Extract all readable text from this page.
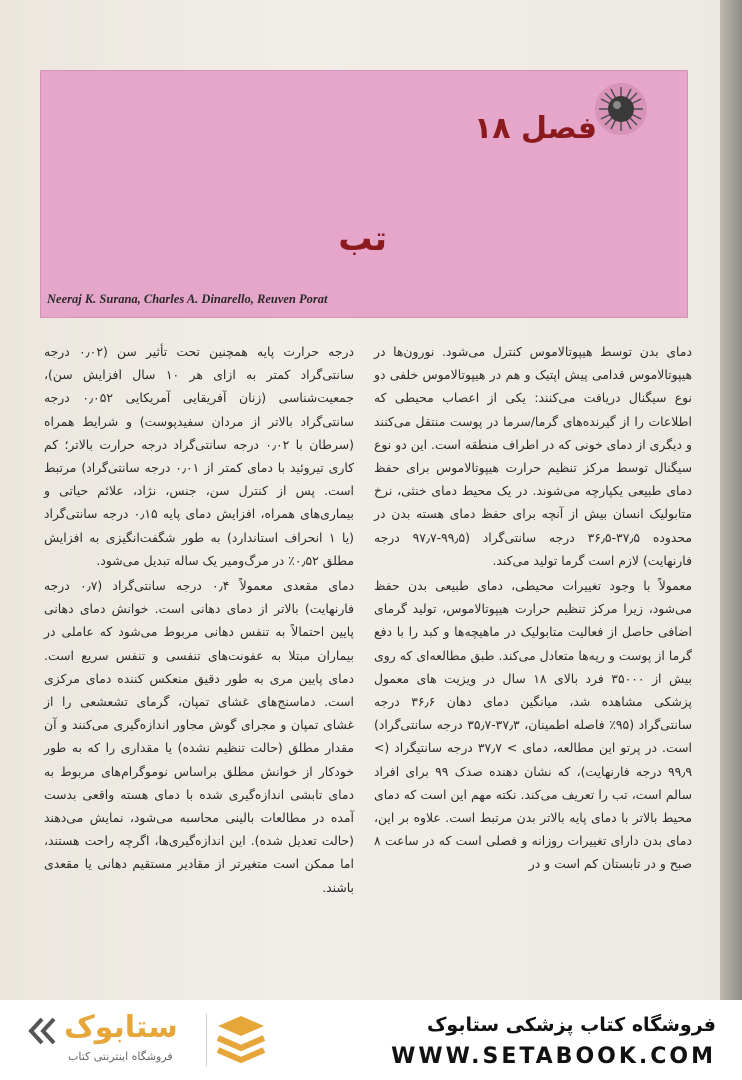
فصل ۱۸
تب
Neeraj K. Surana, Charles A. Dinarello, Reuven Porat

دمای بدن توسط هیپوتالاموس کنترل می‌شود. نورون‌ها در هیپوتالاموس قدامی پیش اپتیک و هم در هیپوتالاموس خلفی دو نوع سیگنال دریافت می‌کنند: یکی از اعصاب محیطی که اطلاعات را از گیرنده‌های گرما/سرما در پوست منتقل می‌کنند و دیگری از دمای خونی که در اطراف منطقه است. این دو نوع سیگنال توسط مرکز تنظیم حرارت هیپوتالاموس برای حفظ دمای طبیعی یکپارچه می‌شوند. در یک محیط دمای خنثی، نرخ متابولیک انسان بیش از آنچه برای حفظ دمای هسته بدن در محدوده ۳۷٫۵-۳۶٫۵ درجه سانتی‌گراد (۹۹٫۵-۹۷٫۷ درجه فارنهایت) لازم است گرما تولید می‌کند.

معمولاً با وجود تغییرات محیطی، دمای طبیعی بدن حفظ می‌شود، زیرا مرکز تنظیم حرارت هیپوتالاموس، تولید گرمای اضافی حاصل از فعالیت متابولیک در ماهیچه‌ها و کبد را با دفع گرما از پوست و ریه‌ها متعادل می‌کند. طبق مطالعه‌ای که روی بیش از ۳۵۰۰۰ فرد بالای ۱۸ سال در ویزیت های معمول پزشکی مشاهده شد، میانگین دمای دهان ۳۶٫۶ درجه سانتی‌گراد (۹۵٪ فاصله اطمینان، ۳۷٫۳-۳۵٫۷ درجه سانتی‌گراد) است. در پرتو این مطالعه، دمای > ۳۷٫۷ درجه سانتیگراد (> ۹۹٫۹ درجه فارنهایت)، که نشان دهنده صدک ۹۹ برای افراد سالم است، تب را تعریف می‌کند. نکته مهم این است که دمای محیط بالاتر با دمای پایه بالاتر بدن مرتبط است. علاوه بر این، دمای بدن دارای تغییرات روزانه و فصلی است که در ساعت ۸ صبح و در تابستان کم است و در

درجه حرارت پایه همچنین تحت تأثیر سن (۰٫۰۲ درجه سانتی‌گراد کمتر به ازای هر ۱۰ سال افزایش سن)، جمعیت‌شناسی (زنان آفریقایی آمریکایی ۰٫۰۵۲ درجه سانتی‌گراد بالاتر از مردان سفیدپوست) و شرایط همراه (سرطان با ۰٫۰۲ درجه سانتی‌گراد درجه حرارت بالاتر؛ کم کاری تیروئید با دمای کمتر از ۰٫۰۱ درجه سانتی‌گراد) مرتبط است. پس از کنترل سن، جنس، نژاد، علائم حیاتی و بیماری‌های همراه، افزایش دمای پایه ۰٫۱۵ درجه سانتی‌گراد (یا ۱ انحراف استاندارد) به طور شگفت‌انگیزی به افزایش مطلق ۰٫۵۲٪ در مرگ‌ومیر یک ساله تبدیل می‌شود.

دمای مقعدی معمولاً ۰٫۴ درجه سانتی‌گراد (۰٫۷ درجه فارنهایت) بالاتر از دمای دهانی است. خوانش دمای دهانی پایین احتمالاً به تنفس دهانی مربوط می‌شود که عاملی در بیماران مبتلا به عفونت‌های تنفسی و تنفس سریع است. دمای پایین مری به طور دقیق منعکس کننده دمای مرکزی است. دماسنج‌های غشای تمپان، گرمای تشعشعی را از غشای تمپان و مجرای گوش مجاور اندازه‌گیری می‌کنند و آن مقدار مطلق (حالت تنظیم نشده) یا مقداری را که به طور خودکار از خوانش مطلق براساس نوموگرام‌های مربوط به دمای تابشی اندازه‌گیری شده با دمای هسته واقعی بدست آمده در مطالعات بالینی محاسبه می‌شود، نمایش می‌دهند (حالت تعدیل شده). این اندازه‌گیری‌ها، اگرچه راحت هستند، اما ممکن است متغیرتر از مقادیر مستقیم دهانی یا مقعدی باشند.

ستابوک
فروشگاه اینترنتی کتاب
فروشگاه کتاب پزشکی ستابوک
WWW.SETABOOK.COM
